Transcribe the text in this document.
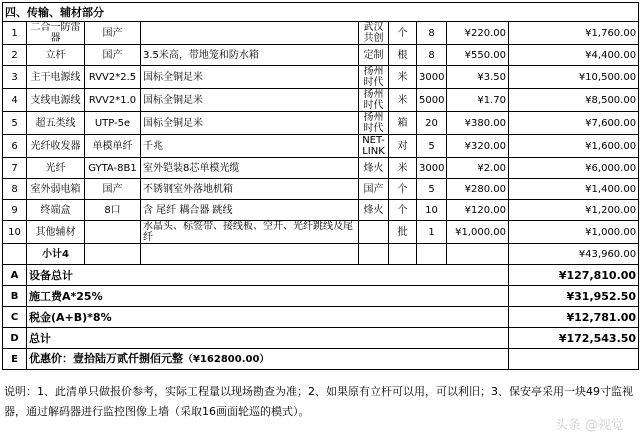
四、传输、辅材部分								
1	二合一防雷器	国产		武汉共创	个	8	¥220.00	¥1,760.00
2	立杆	国产	3.5米高，带地笼和防水箱	定制	根	8	¥550.00	¥4,400.00
3	主干电源线	RVV2*2.5	国标全铜足米	扬州时代	米	3000	¥3.50	¥10,500.00
4	支线电源线	RVV2*1.0	国标全铜足米	扬州时代	米	5000	¥1.70	¥8,500.00
5	超五类线	UTP-5e	国标全铜足米	扬州时代	箱	20	¥380.00	¥7,600.00
6	光纤收发器	单模单纤	千兆	NET-LINK	对	5	¥320.00	¥1,600.00
7	光纤	GYTA-8B1	室外铠装8芯单模光缆	烽火	米	3000	¥2.00	¥6,000.00
8	室外弱电箱	国产	不锈钢室外落地机箱	国产	个	5	¥280.00	¥1,400.00
9	终端盒	8口	含 尾纤 耦合器 跳线	烽火	个	10	¥120.00	¥1,200.00
10	其他辅材		水晶头、标签带、接线板、空开、光纤跳线及尾纤		批	1	¥1,000.00	¥1,000.00
	小计4							¥43,960.00
A	设备总计							¥127,810.00
B	施工费A*25%							¥31,952.50
C	税金(A+B)*8%							¥12,781.00
D	总计							¥172,543.50
E	优惠价：壹拾陆万贰仟捌佰元整（¥162800.00）							
说明：1、此清单只做报价参考，实际工程量以现场勘查为准；2、如果原有立杆可以用，可以利旧；3、保安亭采用一块49寸监视器，通过解码器进行监控图像上墙（采取16画面轮巡的模式）。
头条 @视觉
